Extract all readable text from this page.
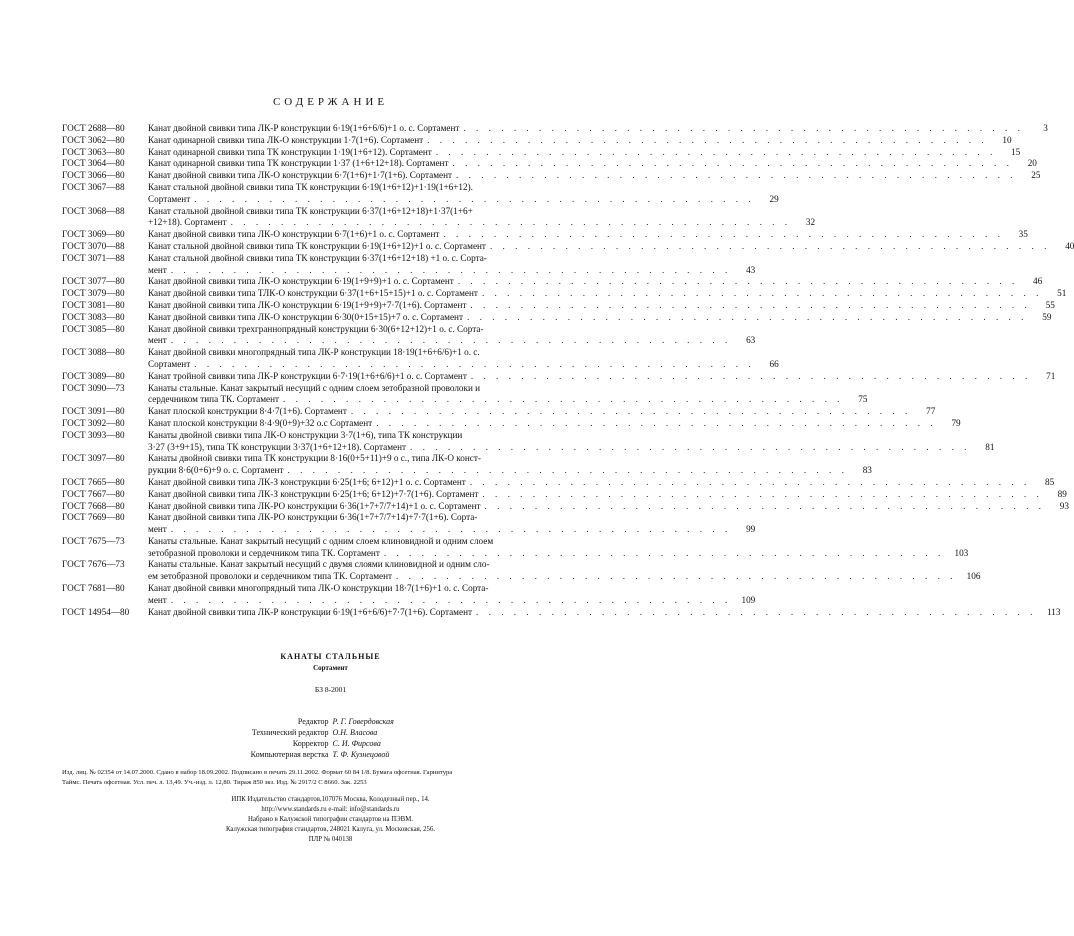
СОДЕРЖАНИЕ
ГОСТ 2688—80	Канат двойной свивки типа ЛК-Р конструкции 6·19(1+6+6/6)+1 о. с. Сортамент . . . . . . . . . . . . . . . . . . . . . . . . . . . . . . . . . . . . . . . . . . . . .	3
ГОСТ 3062—80	Канат одинарной свивки типа ЛК-О конструкции 1·7(1+6). Сортамент . . . . . . . . . . . . . . . . . . . . . . . . . . . . . . . . . . . . . . . . . . . . .	10
ГОСТ 3063—80	Канат одинарной свивки типа ТК конструкции 1·19(1+6+12). Сортамент . . . . . . . . . . . . . . . . . . . . . . . . . . . . . . . . . . . . . . . . . . . . .	15
ГОСТ 3064—80	Канат одинарной свивки типа ТК конструкции 1·37 (1+6+12+18). Сортамент . . . . . . . . . . . . . . . . . . . . . . . . . . . . . . . . . . . . . . . . . . . . .	20
ГОСТ 3066—80	Канат двойной свивки типа ЛК-О конструкции 6·7(1+6)+1·7(1+6). Сортамент . . . . . . . . . . . . . . . . . . . . . . . . . . . . . . . . . . . . . . . . . . . . .	25
ГОСТ 3067—88	Канат стальной двойной свивки типа ТК конструкции 6·19(1+6+12)+1·19(1+6+12).
Сортамент . . . . . . . . . . . . . . . . . . . . . . . . . . . . . . . . . . . . . . . . . . . . .	29
ГОСТ 3068—88	Канат стальной двойной свивки типа ТК конструкции 6·37(1+6+12+18)+1·37(1+6+
+12+18). Сортамент . . . . . . . . . . . . . . . . . . . . . . . . . . . . . . . . . . . . . . . . . . . . .	32
ГОСТ 3069—80	Канат двойной свивки типа ЛК-О конструкции 6·7(1+6)+1 о. с. Сортамент . . . . . . . . . . . . . . . . . . . . . . . . . . . . . . . . . . . . . . . . . . . . .	35
ГОСТ 3070—88	Канат стальной двойной свивки типа ТК конструкции 6·19(1+6+12)+1 о. с. Сортамент . . . . . . . . . . . . . . . . . . . . . . . . . . . . . . . . . . . . . . . . . . . . .	40
ГОСТ 3071—88	Канат стальной двойной свивки типа ТК конструкции 6·37(1+6+12+18) +1 о. с. Сорта-
мент . . . . . . . . . . . . . . . . . . . . . . . . . . . . . . . . . . . . . . . . . . . . .	43
ГОСТ 3077—80	Канат двойной свивки типа ЛК-О конструкции 6·19(1+9+9)+1 о. с. Сортамент . . . . . . . . . . . . . . . . . . . . . . . . . . . . . . . . . . . . . . . . . . . . .	46
ГОСТ 3079—80	Канат двойной свивки типа ТЛК-О конструкции 6·37(1+6+15+15)+1 о. с. Сортамент . . . . . . . . . . . . . . . . . . . . . . . . . . . . . . . . . . . . . . . . . . . . .	51
ГОСТ 3081—80	Канат двойной свивки типа ЛК-О конструкции 6·19(1+9+9)+7·7(1+6). Сортамент . . . . . . . . . . . . . . . . . . . . . . . . . . . . . . . . . . . . . . . . . . . . .	55
ГОСТ 3083—80	Канат двойной свивки типа ЛК-О конструкции 6·30(0+15+15)+7 о. с. Сортамент . . . . . . . . . . . . . . . . . . . . . . . . . . . . . . . . . . . . . . . . . . . . .	59
ГОСТ 3085—80	Канат двойной свивки трехграннопрядный конструкции 6·30(6+12+12)+1 о. с. Сорта-
мент . . . . . . . . . . . . . . . . . . . . . . . . . . . . . . . . . . . . . . . . . . . . .	63
ГОСТ 3088—80	Канат двойной свивки многопрядный типа ЛК-Р конструкции 18·19(1+6+6/6)+1 о. с.
Сортамент . . . . . . . . . . . . . . . . . . . . . . . . . . . . . . . . . . . . . . . . . . . . .	66
ГОСТ 3089—80	Канат тройной свивки типа ЛК-Р конструкции 6·7·19(1+6+6/6)+1 о. с. Сортамент . . . . . . . . . . . . . . . . . . . . . . . . . . . . . . . . . . . . . . . . . . . . .	71
ГОСТ 3090—73	Канаты стальные. Канат закрытый несущий с одним слоем зетобразной проволоки и
сердечником типа ТК. Сортамент . . . . . . . . . . . . . . . . . . . . . . . . . . . . . . . . . . . . . . . . . . . . .	75
ГОСТ 3091—80	Канат плоской конструкции 8·4·7(1+6). Сортамент . . . . . . . . . . . . . . . . . . . . . . . . . . . . . . . . . . . . . . . . . . . . .	77
ГОСТ 3092—80	Канат плоской конструкции 8·4·9(0+9)+32 о.с Сортамент . . . . . . . . . . . . . . . . . . . . . . . . . . . . . . . . . . . . . . . . . . . . .	79
ГОСТ 3093—80	Канаты двойной свивки типа ЛК-О конструкции 3·7(1+6), типа ТК конструкции
3·27 (3+9+15), типа ТК конструкции 3·37(1+6+12+18). Сортамент . . . . . . . . . . . . . . . . . . . . . . . . . . . . . . . . . . . . . . . . . . . . .	81
ГОСТ 3097—80	Канаты двойной свивки типа ТК конструкции 8·16(0+5+11)+9 о с., типа ЛК-О конст-
рукции 8·6(0+6)+9 о. с. Сортамент . . . . . . . . . . . . . . . . . . . . . . . . . . . . . . . . . . . . . . . . . . . . .	83
ГОСТ 7665—80	Канат двойной свивки типа ЛК-З конструкции 6·25(1+6; 6+12)+1 о. с. Сортамент . . . . . . . . . . . . . . . . . . . . . . . . . . . . . . . . . . . . . . . . . . . . .	85
ГОСТ 7667—80	Канат двойной свивки типа ЛК-З конструкции 6·25(1+6; 6+12)+7·7(1+6). Сортамент . . . . . . . . . . . . . . . . . . . . . . . . . . . . . . . . . . . . . . . . . . . . .	89
ГОСТ 7668—80	Канат двойной свивки типа ЛК-РО конструкции 6·36(1+7+7/7+14)+1 о. с. Сортамент . . . . . . . . . . . . . . . . . . . . . . . . . . . . . . . . . . . . . . . . . . . . .	93
ГОСТ 7669—80	Канат двойной свивки типа ЛК-РО конструкции 6·36(1+7+7/7+14)+7·7(1+6). Сорта-
мент . . . . . . . . . . . . . . . . . . . . . . . . . . . . . . . . . . . . . . . . . . . . .	99
ГОСТ 7675—73	Канаты стальные. Канат закрытый несущий с одним слоем клиновидной и одним слоем
зетобразной проволоки и сердечником типа ТК. Сортамент . . . . . . . . . . . . . . . . . . . . . . . . . . . . . . . . . . . . . . . . . . . . .	103
ГОСТ 7676—73	Канаты стальные. Канат закрытый несущий с двумя слоями клиновидной и одним сло-
ем зетобразной проволоки и сердечником типа ТК. Сортамент . . . . . . . . . . . . . . . . . . . . . . . . . . . . . . . . . . . . . . . . . . . . .	106
ГОСТ 7681—80	Канат двойной свивки многопрядный типа ЛК-О конструкции 18·7(1+6)+1 о. с. Сорта-
мент . . . . . . . . . . . . . . . . . . . . . . . . . . . . . . . . . . . . . . . . . . . . .	109
ГОСТ 14954—80	Канат двойной свивки типа ЛК-Р конструкции 6·19(1+6+6/6)+7·7(1+6). Сортамент . . . . . . . . . . . . . . . . . . . . . . . . . . . . . . . . . . . . . . . . . . . . .	113
КАНАТЫ СТАЛЬНЫЕ
Сортамент
БЗ 8-2001
Редактор Р. Г. Говердовская
Технический редактор О.Н. Власова
Корректор С. И. Фирсова
Компьютерная верстка Т. Ф. Кузнецовой
Изд. лиц. № 02354 от 14.07.2000. Сдано в набор 18.09.2002. Подписано в печать 29.11.2002. Формат 60 84 1/8. Бумага офсетная. Гарнитура
Таймс. Печать офсетная. Усл. печ. л. 13,49. Уч.-изд. л. 12,80. Тираж 850 экз. Изд. № 2917/2 С 8660. Зак. 2253
ИПК Издательство стандартов,107076 Москва, Колодезный пер., 14.
http://www.standards.ru e-mail: info@standards.ru
Набрано в Калужской типографии стандартов на ПЭВМ.
Калужская типография стандартов, 248021 Калуга, ул. Московская, 256.
ПЛР № 040138
